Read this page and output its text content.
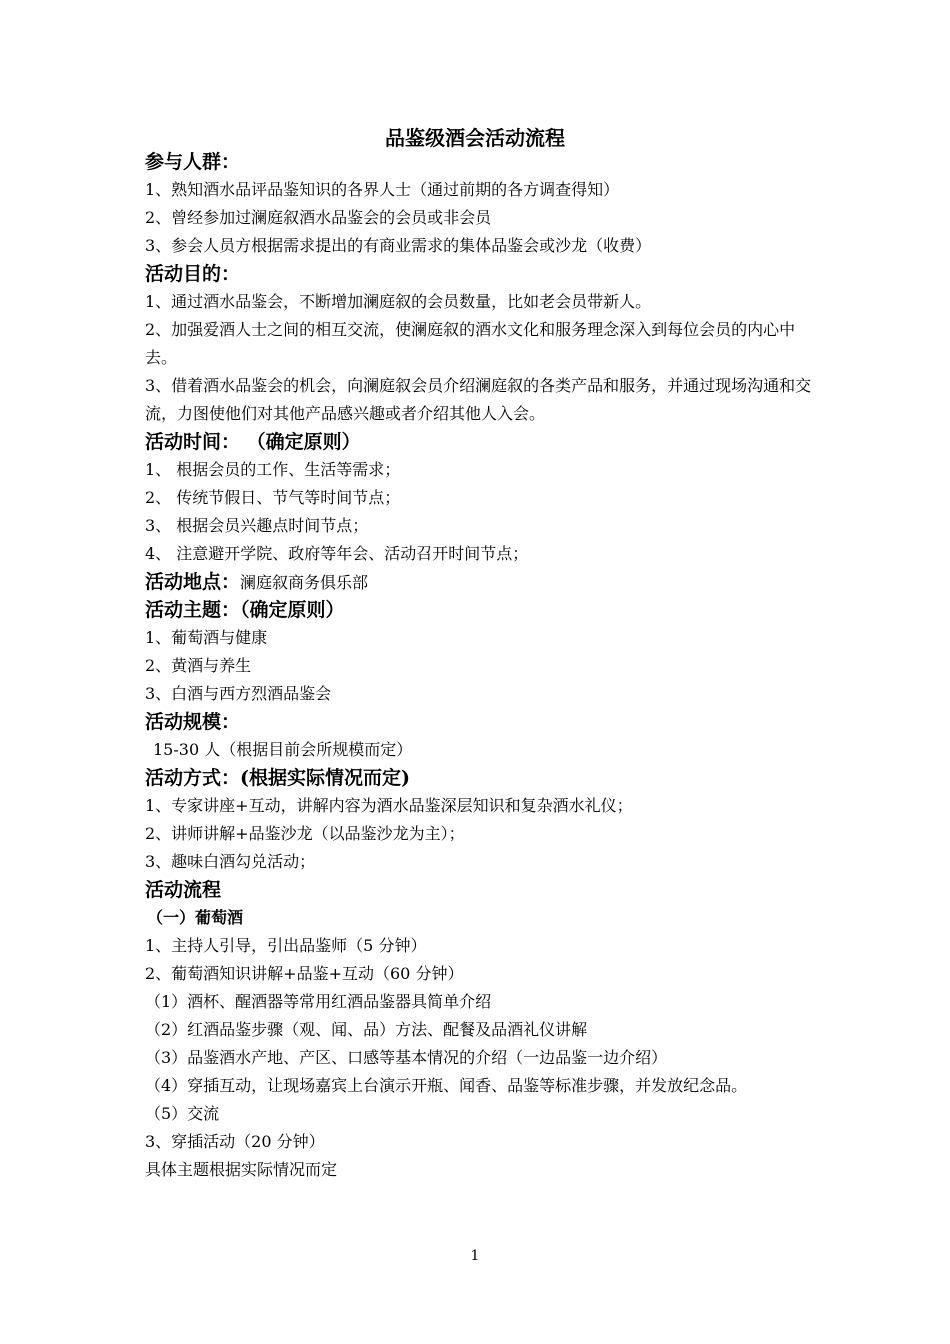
品鉴级酒会活动流程
参与人群：
1、熟知酒水品评品鉴知识的各界人士（通过前期的各方调查得知）
2、曾经参加过澜庭叙酒水品鉴会的会员或非会员
3、参会人员方根据需求提出的有商业需求的集体品鉴会或沙龙（收费）
活动目的：
1、通过酒水品鉴会，不断增加澜庭叙的会员数量，比如老会员带新人。
2、加强爱酒人士之间的相互交流，使澜庭叙的酒水文化和服务理念深入到每位会员的内心中去。
3、借着酒水品鉴会的机会，向澜庭叙会员介绍澜庭叙的各类产品和服务，并通过现场沟通和交流，力图使他们对其他产品感兴趣或者介绍其他人入会。
活动时间： （确定原则）
1、 根据会员的工作、生活等需求；
2、 传统节假日、节气等时间节点；
3、 根据会员兴趣点时间节点；
4、 注意避开学院、政府等年会、活动召开时间节点；
活动地点：澜庭叙商务俱乐部
活动主题：（确定原则）
1、葡萄酒与健康
2、黄酒与养生
3、白酒与西方烈酒品鉴会
活动规模：
15-30 人（根据目前会所规模而定）
活动方式：(根据实际情况而定)
1、专家讲座+互动，讲解内容为酒水品鉴深层知识和复杂酒水礼仪；
2、讲师讲解+品鉴沙龙（以品鉴沙龙为主）；
3、趣味白酒勾兑活动；
活动流程
（一）葡萄酒
1、主持人引导，引出品鉴师（5 分钟）
2、葡萄酒知识讲解+品鉴+互动（60 分钟）
（1）酒杯、醒酒器等常用红酒品鉴器具简单介绍
（2）红酒品鉴步骤（观、闻、品）方法、配餐及品酒礼仪讲解
（3）品鉴酒水产地、产区、口感等基本情况的介绍（一边品鉴一边介绍）
（4）穿插互动，让现场嘉宾上台演示开瓶、闻香、品鉴等标准步骤，并发放纪念品。
（5）交流
3、穿插活动（20 分钟）
具体主题根据实际情况而定
1
